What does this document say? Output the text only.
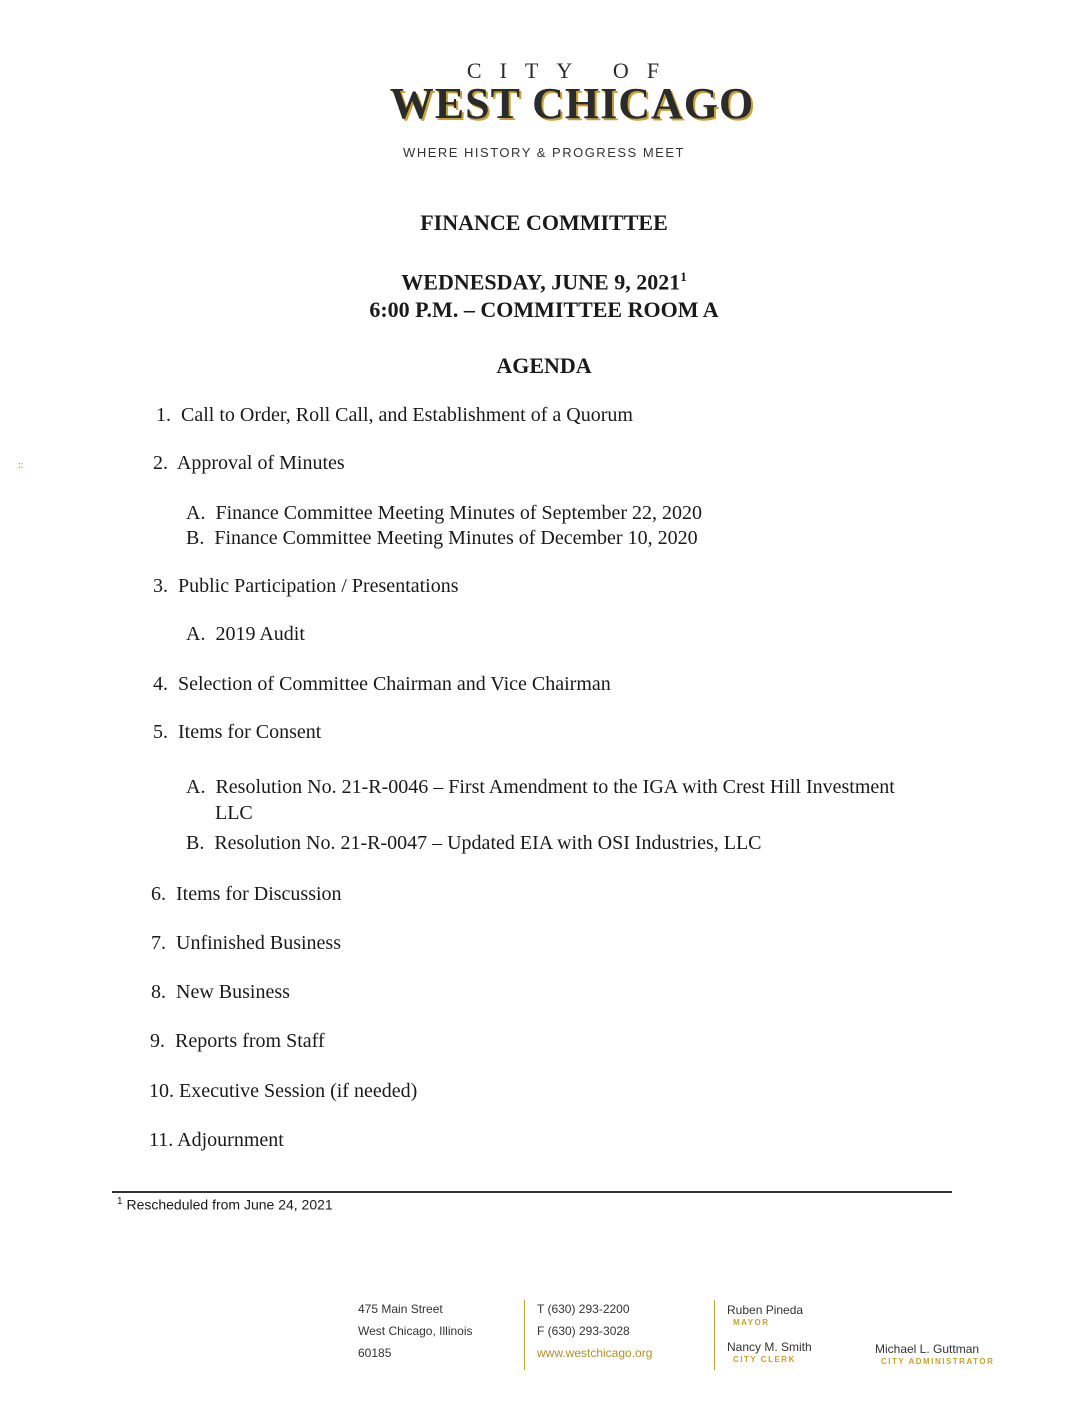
CITY OF
WEST CHICAGO
WHERE HISTORY & PROGRESS MEET
FINANCE COMMITTEE
WEDNESDAY, JUNE 9, 2021$^1$
6:00 P.M. – COMMITTEE ROOM A
AGENDA
1. Call to Order, Roll Call, and Establishment of a Quorum
::	2. Approval of Minutes
A. Finance Committee Meeting Minutes of September 22, 2020
B. Finance Committee Meeting Minutes of December 10, 2020
3. Public Participation / Presentations
A. 2019 Audit
4. Selection of Committee Chairman and Vice Chairman
5. Items for Consent
A. Resolution No. 21-R-0046 – First Amendment to the IGA with Crest Hill Investment
LLC
B. Resolution No. 21-R-0047 – Updated EIA with OSI Industries, LLC
6. Items for Discussion
7. Unfinished Business
8. New Business
9. Reports from Staff
10. Executive Session (if needed)
11. Adjournment
$^1$ Rescheduled from June 24, 2021
475 Main Street
West Chicago, Illinois
60185
T (630) 293-2200
F (630) 293-3028
www.westchicago.org
Ruben Pineda
MAYOR
Nancy M. Smith
CITY CLERK
Michael L. Guttman
CITY ADMINISTRATOR
